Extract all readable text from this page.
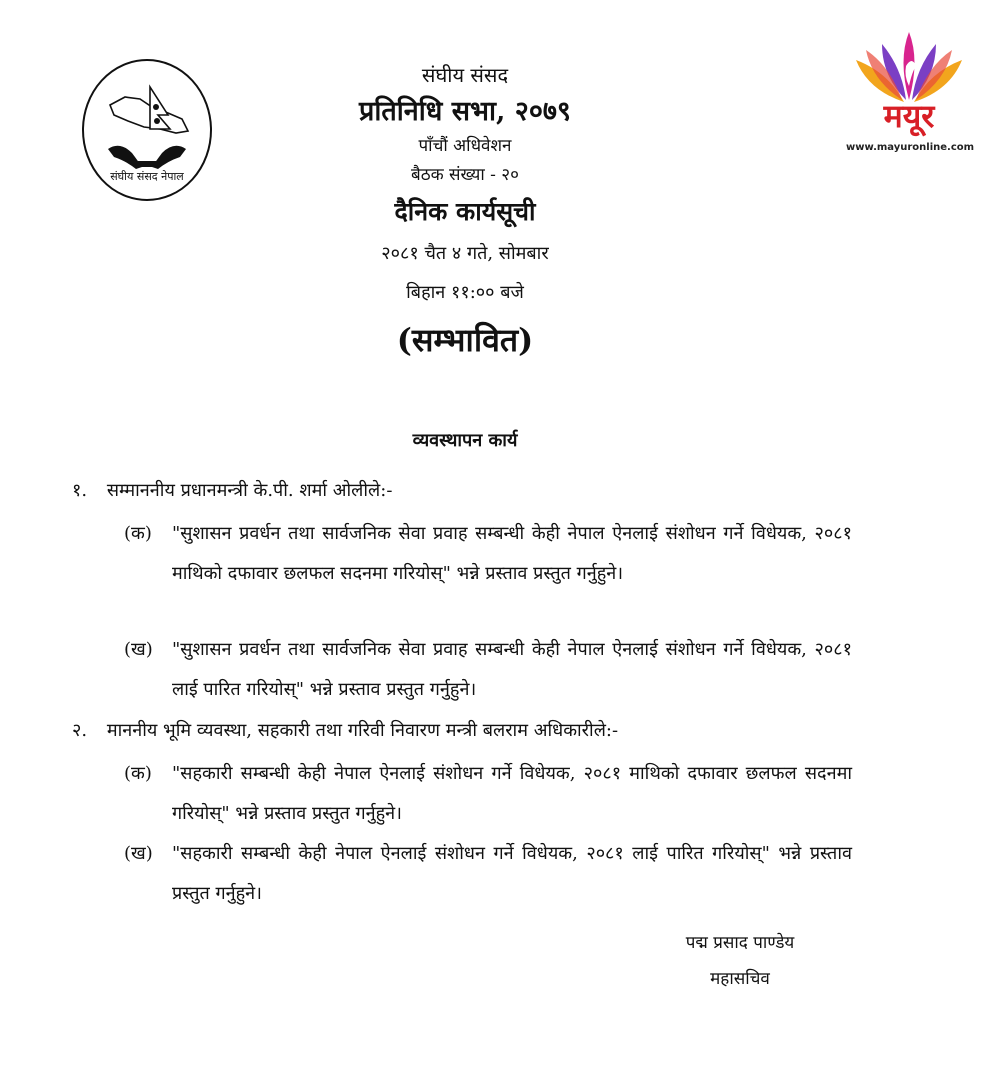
संघीय संसद नेपाल
मयूर
www.mayuronline.com
संघीय संसद
प्रतिनिधि सभा, २०७९
पाँचौं अधिवेशन
बैठक संख्या - २०
दैनिक कार्यसूची
२०८१ चैत ४ गते, सोमबार
बिहान ११:०० बजे
(सम्भावित)
व्यवस्थापन कार्य
१. सम्माननीय प्रधानमन्त्री के.पी. शर्मा ओलीले:-
(क) "सुशासन प्रवर्धन तथा सार्वजनिक सेवा प्रवाह सम्बन्धी केही नेपाल ऐनलाई संशोधन गर्ने विधेयक, २०८१ माथिको दफावार छलफल सदनमा गरियोस्" भन्ने प्रस्ताव प्रस्तुत गर्नुहुने।
(ख) "सुशासन प्रवर्धन तथा सार्वजनिक सेवा प्रवाह सम्बन्धी केही नेपाल ऐनलाई संशोधन गर्ने विधेयक, २०८१ लाई पारित गरियोस्" भन्ने प्रस्ताव प्रस्तुत गर्नुहुने।
२. माननीय भूमि व्यवस्था, सहकारी तथा गरिवी निवारण मन्त्री बलराम अधिकारीले:-
(क) "सहकारी सम्बन्धी केही नेपाल ऐनलाई संशोधन गर्ने विधेयक, २०८१ माथिको दफावार छलफल सदनमा गरियोस्" भन्ने प्रस्ताव प्रस्तुत गर्नुहुने।
(ख) "सहकारी सम्बन्धी केही नेपाल ऐनलाई संशोधन गर्ने विधेयक, २०८१ लाई पारित गरियोस्" भन्ने प्रस्ताव प्रस्तुत गर्नुहुने।
पद्म प्रसाद पाण्डेय
महासचिव
